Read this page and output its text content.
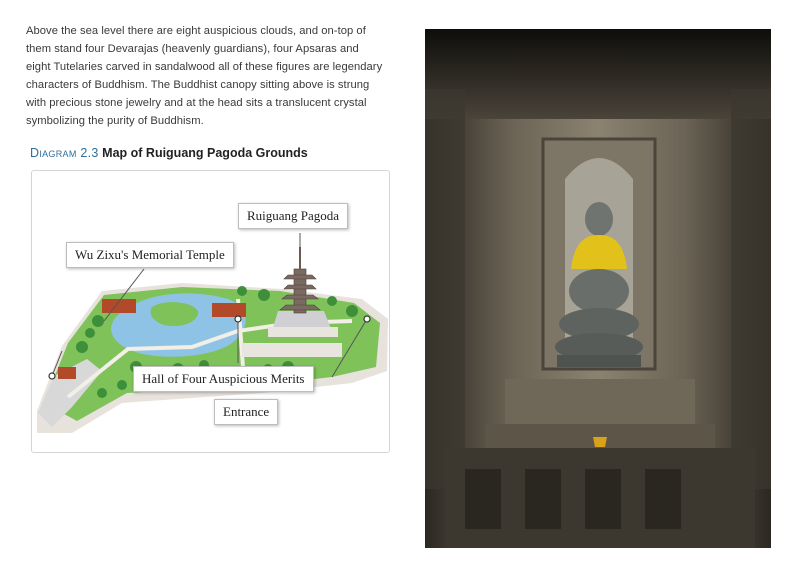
Above the sea level there are eight auspicious clouds, and on-top of them stand four Devarajas (heavenly guardians), four Apsaras and eight Tutelaries carved in sandalwood all of these figures are legendary characters of Buddhism. The Buddhist canopy sitting above is strung with precious stone jewelry and at the head sits a translucent crystal symbolizing the purity of Buddhism.

Diagram 2.3 Map of Ruiguang Pagoda Grounds
Ruiguang Pagoda
Wu Zixu's Memorial Temple
Hall of Four Auspicious Merits
Entrance
